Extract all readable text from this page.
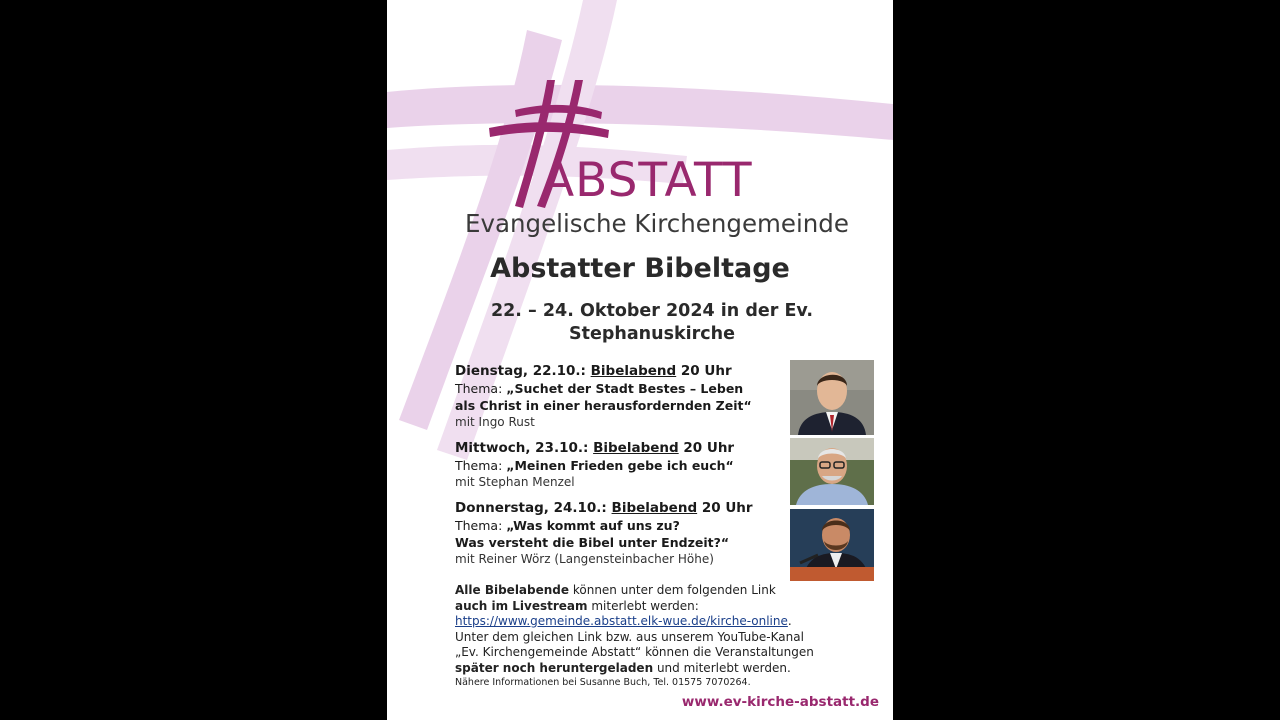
ABSTATT
Evangelische Kirchengemeinde
Abstatter Bibeltage
22. – 24. Oktober 2024 in der Ev.
Stephanuskirche
Dienstag, 22.10.: Bibelabend 20 Uhr
Thema: „Suchet der Stadt Bestes – Leben
als Christ in einer herausfordernden Zeit“
mit Ingo Rust
Mittwoch, 23.10.: Bibelabend 20 Uhr
Thema: „Meinen Frieden gebe ich euch“
mit Stephan Menzel
Donnerstag, 24.10.: Bibelabend 20 Uhr
Thema: „Was kommt auf uns zu?
Was versteht die Bibel unter Endzeit?“
mit Reiner Wörz (Langensteinbacher Höhe)
Alle Bibelabende können unter dem folgenden Link
auch im Livestream miterlebt werden:
https://www.gemeinde.abstatt.elk-wue.de/kirche-online.
Unter dem gleichen Link bzw. aus unserem YouTube-Kanal
„Ev. Kirchengemeinde Abstatt“ können die Veranstaltungen
später noch heruntergeladen und miterlebt werden.
Nähere Informationen bei Susanne Buch, Tel. 01575 7070264.
www.ev-kirche-abstatt.de
